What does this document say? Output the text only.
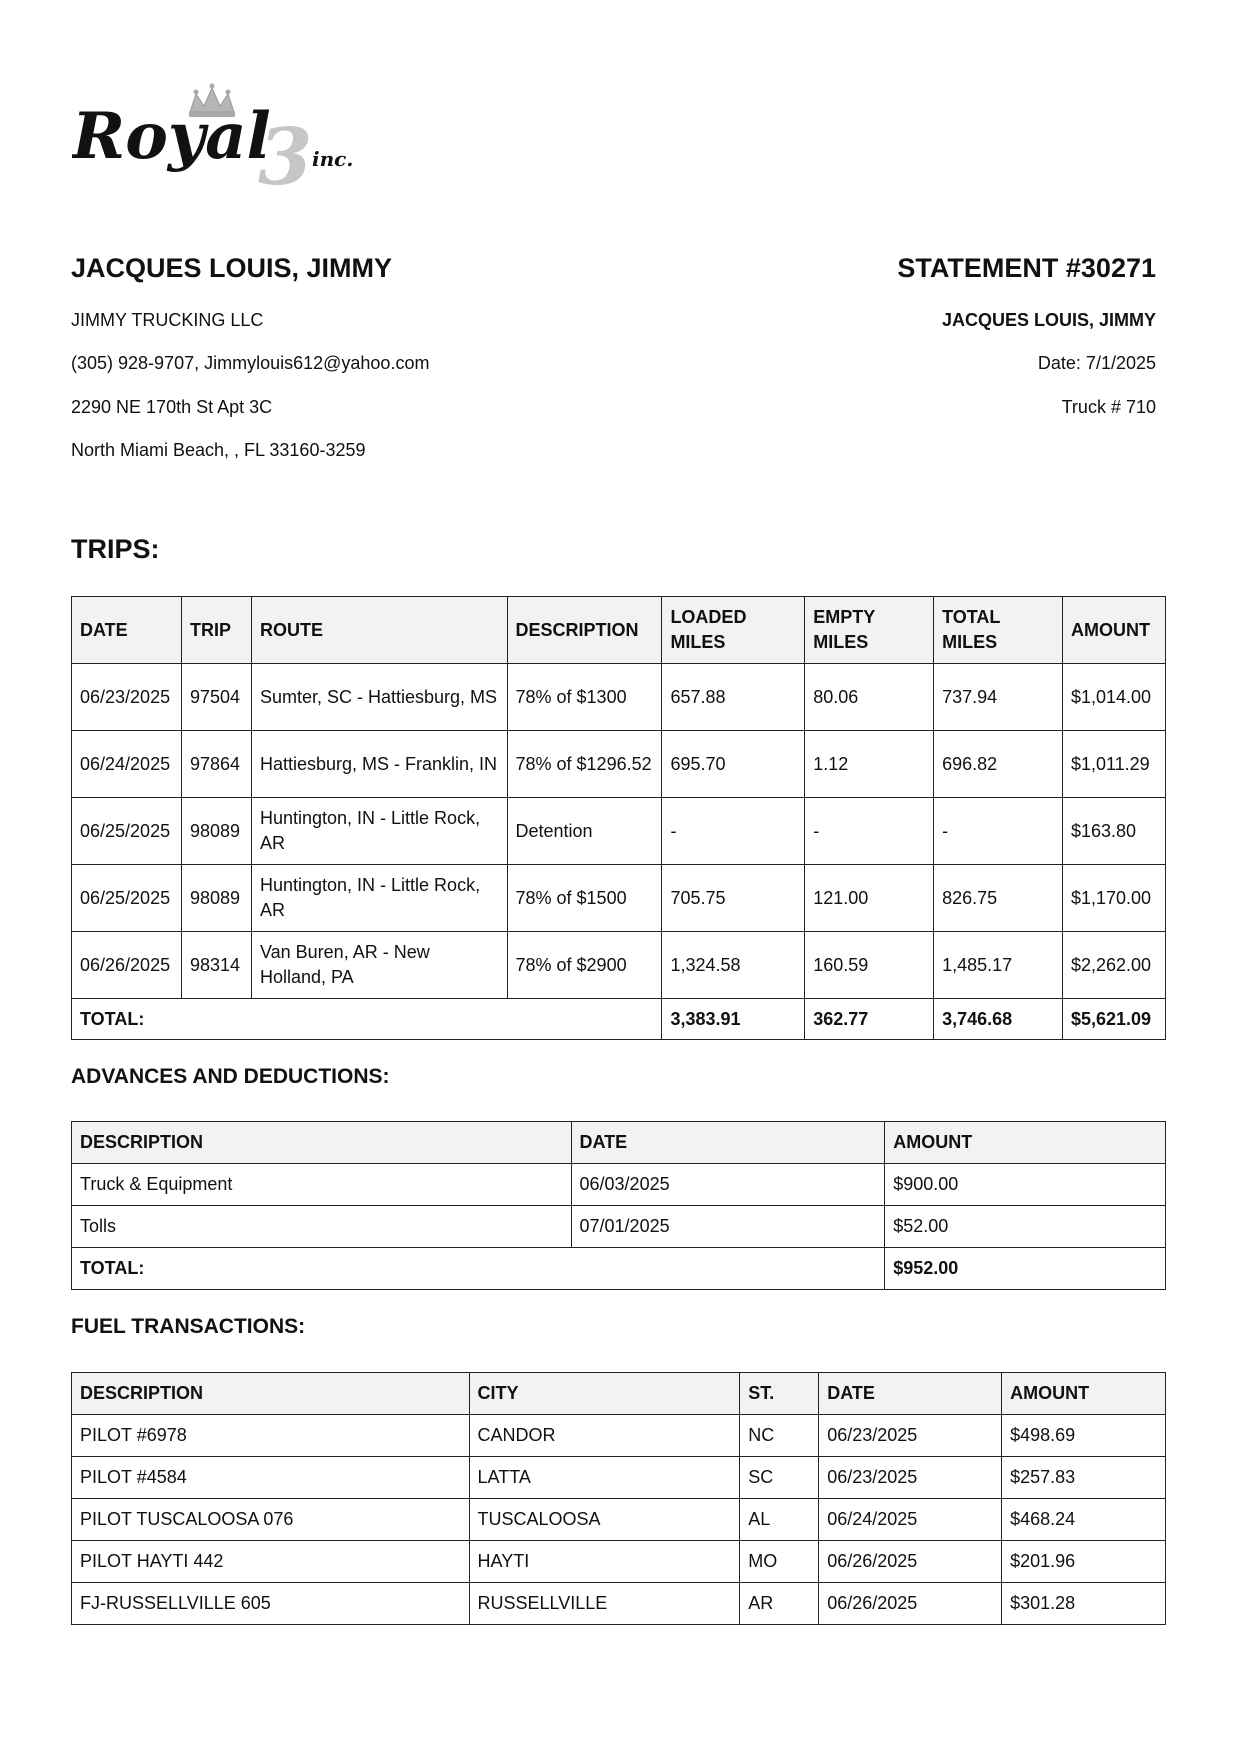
3
Royal inc.
JACQUES LOUIS, JIMMY
JIMMY TRUCKING LLC
(305) 928-9707, Jimmylouis612@yahoo.com
2290 NE 170th St Apt 3C
North Miami Beach, , FL 33160-3259
STATEMENT #30271
JACQUES LOUIS, JIMMY
Date: 7/1/2025
Truck # 710
TRIPS:
DATE	TRIP	ROUTE	DESCRIPTION	LOADED MILES	EMPTY MILES	TOTAL MILES	AMOUNT
06/23/2025	97504	Sumter, SC - Hattiesburg, MS	78% of $1300	657.88	80.06	737.94	$1,014.00
06/24/2025	97864	Hattiesburg, MS - Franklin, IN	78% of $1296.52	695.70	1.12	696.82	$1,011.29
06/25/2025	98089	Huntington, IN - Little Rock, AR	Detention	-	-	-	$163.80
06/25/2025	98089	Huntington, IN - Little Rock, AR	78% of $1500	705.75	121.00	826.75	$1,170.00
06/26/2025	98314	Van Buren, AR - New Holland, PA	78% of $2900	1,324.58	160.59	1,485.17	$2,262.00
TOTAL:				3,383.91	362.77	3,746.68	$5,621.09
ADVANCES AND DEDUCTIONS:
DESCRIPTION	DATE	AMOUNT
Truck & Equipment	06/03/2025	$900.00
Tolls	07/01/2025	$52.00
TOTAL:		$952.00
FUEL TRANSACTIONS:
DESCRIPTION	CITY	ST.	DATE	AMOUNT
PILOT #6978	CANDOR	NC	06/23/2025	$498.69
PILOT #4584	LATTA	SC	06/23/2025	$257.83
PILOT TUSCALOOSA 076	TUSCALOOSA	AL	06/24/2025	$468.24
PILOT HAYTI 442	HAYTI	MO	06/26/2025	$201.96
FJ-RUSSELLVILLE 605	RUSSELLVILLE	AR	06/26/2025	$301.28
